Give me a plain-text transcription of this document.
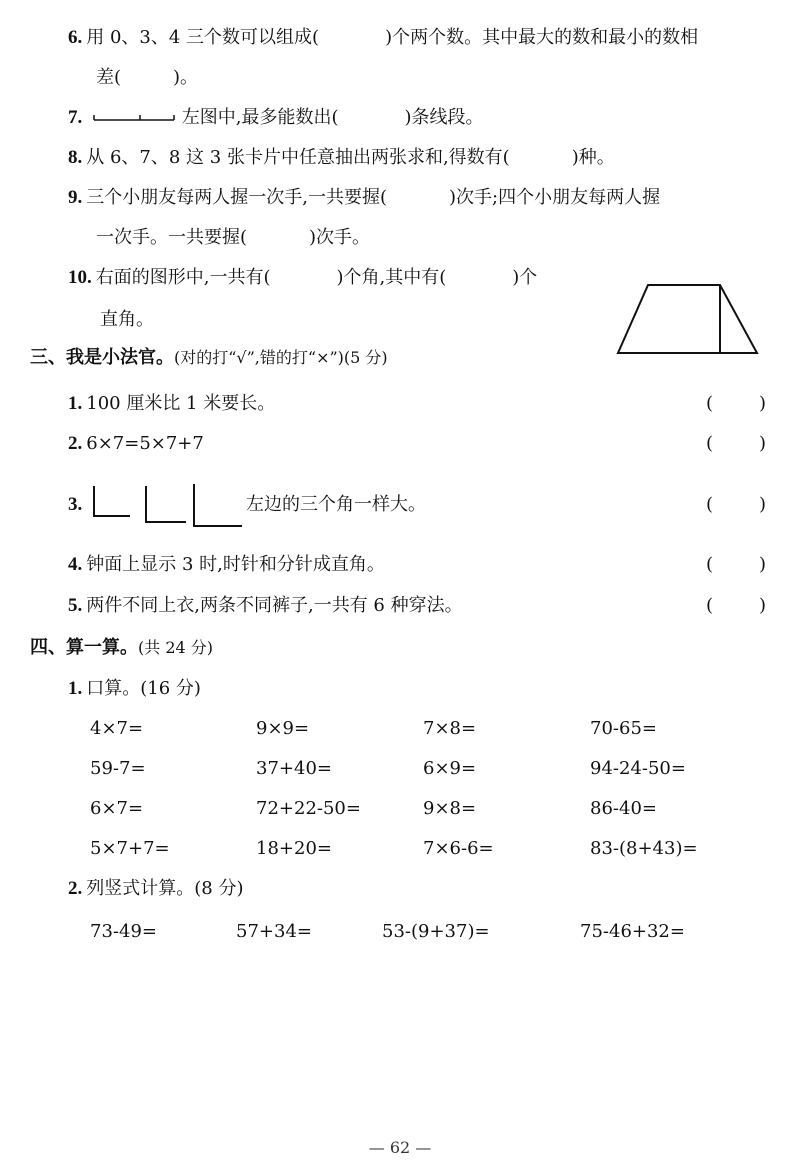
6. 用 0、3、4 三个数可以组成(	)个两个数。其中最大的数和最小的数相
差(	)。
7.	左图中,最多能数出(	)条线段。
8. 从 6、7、8 这 3 张卡片中任意抽出两张求和,得数有(	)种。
9. 三个小朋友每两人握一次手,一共要握(	)次手;四个小朋友每两人握
一次手。一共要握(	)次手。
10. 右面的图形中,一共有(	)个角,其中有(	)个
直角。
三、我是小法官。(对的打“√”,错的打“×”)(5 分)
1. 100 厘米比 1 米要长。	(	)
2. 6×7=5×7+7	(	)
3.	左边的三个角一样大。	(	)
4. 钟面上显示 3 时,时针和分针成直角。	(	)
5. 两件不同上衣,两条不同裤子,一共有 6 种穿法。	(	)
四、算一算。(共 24 分)
1. 口算。(16 分)
4×7=	9×9=	7×8=	70-65=
59-7=	37+40=	6×9=	94-24-50=
6×7=	72+22-50=	9×8=	86-40=
5×7+7=	18+20=	7×6-6=	83-(8+43)=
2. 列竖式计算。(8 分)
73-49=	57+34=	53-(9+37)=	75-46+32=
— 62 —
